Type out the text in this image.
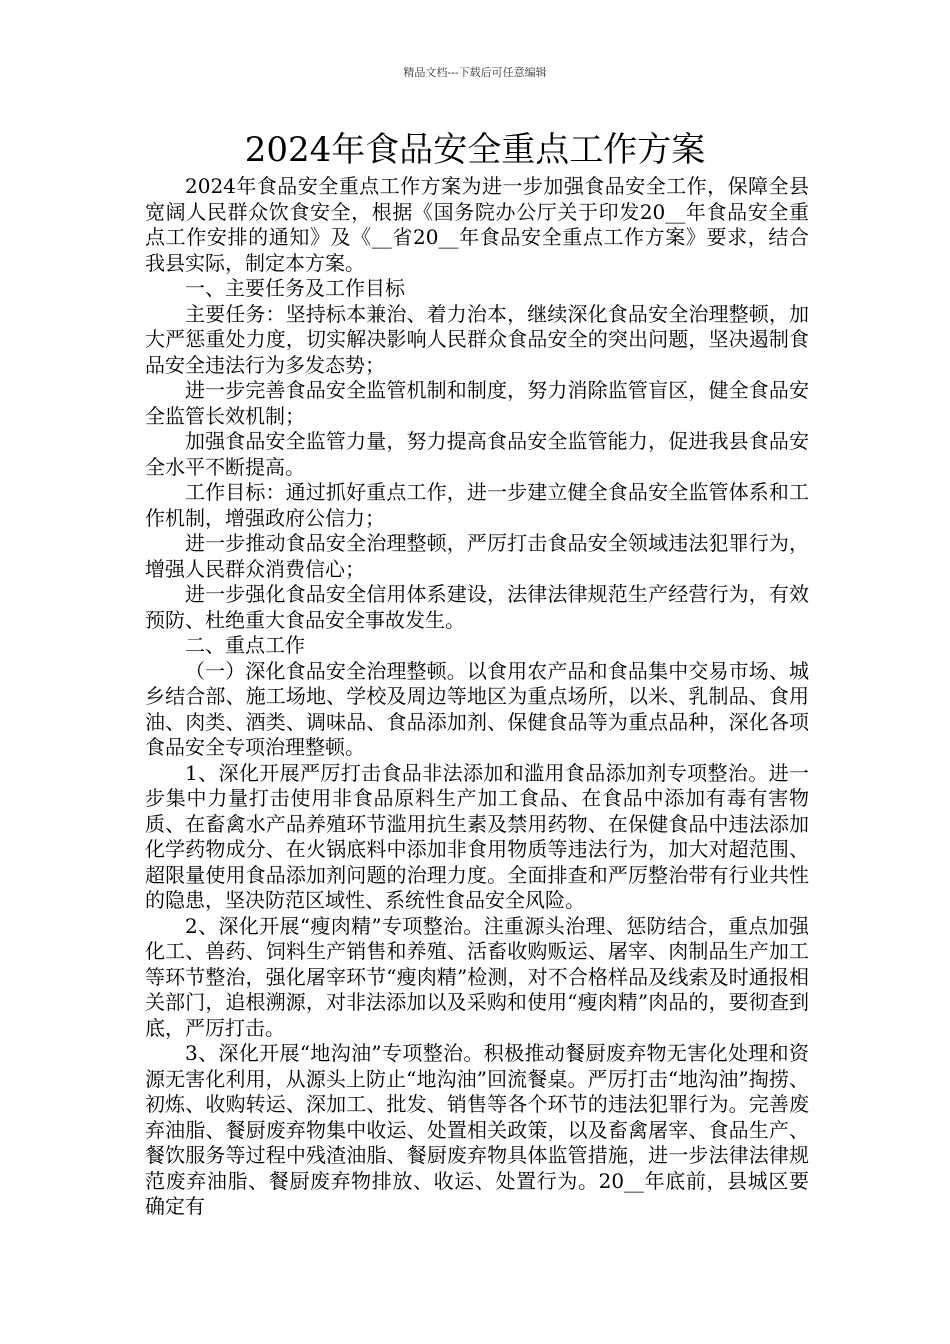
精品文档---下载后可任意编辑
2024年食品安全重点工作方案

2024年食品安全重点工作方案为进一步加强食品安全工作，保障全县宽阔人民群众饮食安全，根据《国务院办公厅关于印发20__年食品安全重点工作安排的通知》及《__省20__年食品安全重点工作方案》要求，结合我县实际，制定本方案。

一、主要任务及工作目标

主要任务：坚持标本兼治、着力治本，继续深化食品安全治理整顿，加大严惩重处力度，切实解决影响人民群众食品安全的突出问题，坚决遏制食品安全违法行为多发态势；

进一步完善食品安全监管机制和制度，努力消除监管盲区，健全食品安全监管长效机制；

加强食品安全监管力量，努力提高食品安全监管能力，促进我县食品安全水平不断提高。

工作目标：通过抓好重点工作，进一步建立健全食品安全监管体系和工作机制，增强政府公信力；

进一步推动食品安全治理整顿，严厉打击食品安全领域违法犯罪行为，增强人民群众消费信心；

进一步强化食品安全信用体系建设，法律法律规范生产经营行为，有效预防、杜绝重大食品安全事故发生。

二、重点工作

（一）深化食品安全治理整顿。以食用农产品和食品集中交易市场、城乡结合部、施工场地、学校及周边等地区为重点场所，以米、乳制品、食用油、肉类、酒类、调味品、食品添加剂、保健食品等为重点品种，深化各项食品安全专项治理整顿。

1、深化开展严厉打击食品非法添加和滥用食品添加剂专项整治。进一步集中力量打击使用非食品原料生产加工食品、在食品中添加有毒有害物质、在畜禽水产品养殖环节滥用抗生素及禁用药物、在保健食品中违法添加化学药物成分、在火锅底料中添加非食用物质等违法行为，加大对超范围、超限量使用食品添加剂问题的治理力度。全面排查和严厉整治带有行业共性的隐患，坚决防范区域性、系统性食品安全风险。

2、深化开展“瘦肉精”专项整治。注重源头治理、惩防结合，重点加强化工、兽药、饲料生产销售和养殖、活畜收购贩运、屠宰、肉制品生产加工等环节整治，强化屠宰环节“瘦肉精”检测，对不合格样品及线索及时通报相关部门，追根溯源，对非法添加以及采购和使用“瘦肉精”肉品的，要彻查到底，严厉打击。

3、深化开展“地沟油”专项整治。积极推动餐厨废弃物无害化处理和资源无害化利用，从源头上防止“地沟油”回流餐桌。严厉打击“地沟油”掏捞、初炼、收购转运、深加工、批发、销售等各个环节的违法犯罪行为。完善废弃油脂、餐厨废弃物集中收运、处置相关政策，以及畜禽屠宰、食品生产、餐饮服务等过程中残渣油脂、餐厨废弃物具体监管措施，进一步法律法律规范废弃油脂、餐厨废弃物排放、收运、处置行为。20__年底前，县城区要确定有
